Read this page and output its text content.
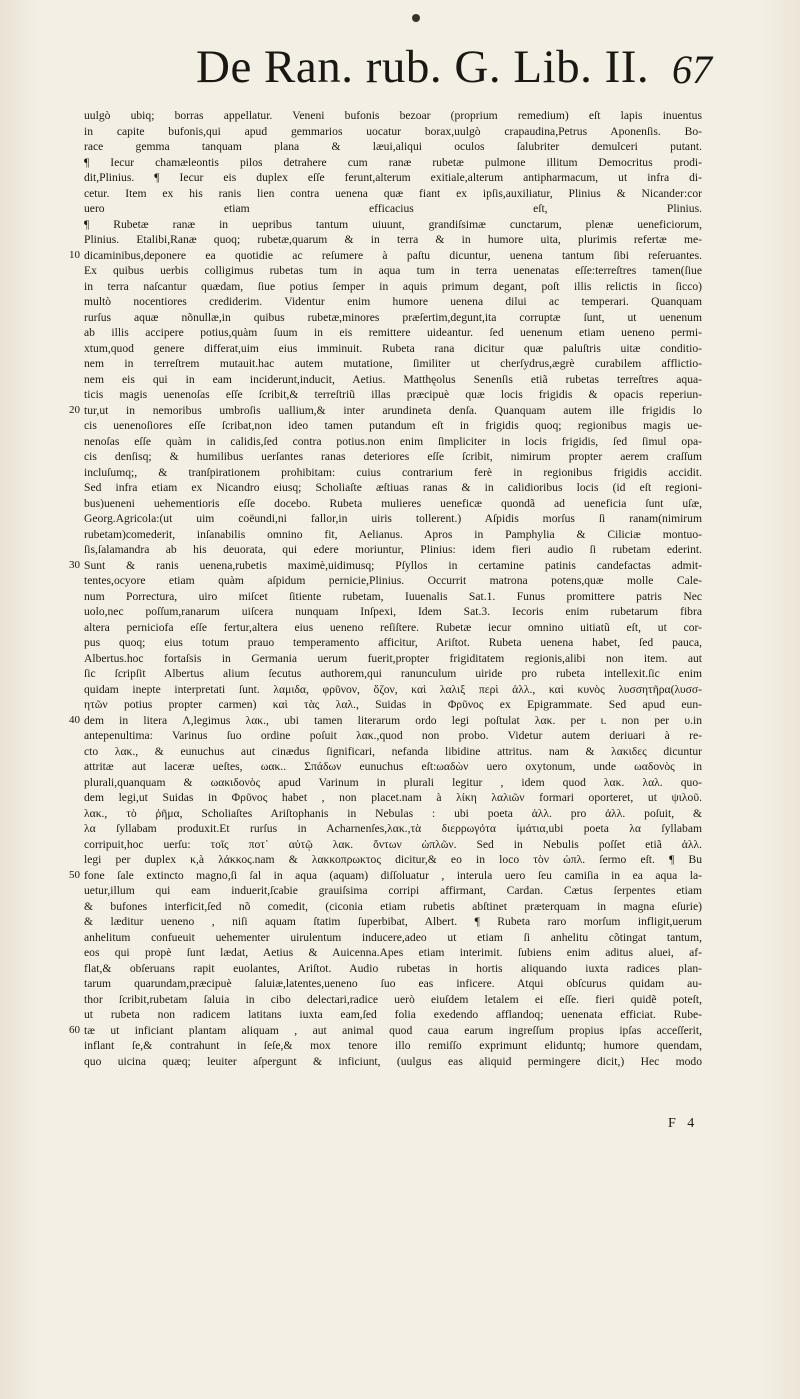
De Ran. rub. G. Lib. II. 67
10
20
30
40
50
60
uulgò ubiq; borras appellatur. Veneni bufonis bezoar (proprium remedium) eſt lapis inuentus
in capite bufonis,qui apud gemmarios uocatur borax,uulgò crapaudina,Petrus Aponenſis. Bo-
race gemma tanquam plana & læui,aliqui oculos ſalubriter demulceri putant.
¶ Iecur chamæleontis pilos detrahere cum ranæ rubetæ pulmone illitum Democritus prodi-
dit,Plinius. ¶ Iecur eis duplex eſſe ferunt,alterum exitiale,alterum antipharmacum, ut infra di-
cetur. Item ex his ranis lien contra uenena quæ fiant ex ipſis,auxiliatur, Plinius & Nicander:cor
uero etiam efficacius eſt, Plinius.
¶ Rubetæ ranæ in uepribus tantum uiuunt, grandiſsimæ cunctarum, plenæ ueneficiorum,
Plinius. Etalibi,Ranæ quoq; rubetæ,quarum & in terra & in humore uita, plurimis refertæ me-
dicaminibus,deponere ea quotidie ac reſumere à paſtu dicuntur, uenena tantum ſibi reſeruantes.
Ex quibus uerbis colligimus rubetas tum in aqua tum in terra uenenatas eſſe:terreſtres tamen(ſiue
in terra naſcantur quædam, ſiue potius ſemper in aquis primum degant, poſt illis relictis in ſicco)
multò nocentiores crediderim. Videntur enim humore uenena dilui ac temperari. Quanquam
rurſus aquæ nõnullæ,in quibus rubetæ,minores præſertim,degunt,ita corruptæ ſunt, ut uenenum
ab illis accipere potius,quàm ſuum in eis remittere uideantur. ſed uenenum etiam ueneno permi-
xtum,quod genere differat,uim eius imminuit. Rubeta rana dicitur quæ paluſtris uitæ conditio-
nem in terreſtrem mutauit.hac autem mutatione, ſimiliter ut cherſydrus,ægrè curabilem afflictio-
nem eis qui in eam inciderunt,inducit, Aetius. Matthęolus Senenſis etiã rubetas terreſtres aqua-
ticis magis uenenoſas eſſe ſcribit,& terreſtriũ illas præcipuè quæ locis frigidis & opacis reperiun-
tur,ut in nemoribus umbroſis uallium,& inter arundineta denſa. Quanquam autem ille frigidis lo
cis uenenoſiores eſſe ſcribat,non ideo tamen putandum eſt in frigidis quoq; regionibus magis ue-
nenoſas eſſe quàm in calidis,ſed contra potius.non enim ſimpliciter in locis frigidis, ſed ſimul opa-
cis denſisq; & humilibus uerſantes ranas deteriores eſſe ſcribit, nimirum propter aerem craſſum
incluſumq;, & tranſpirationem prohibitam: cuius contrarium ferè in regionibus frigidis accidit.
Sed infra etiam ex Nicandro eiusq; Scholiaſte æſtiuas ranas & in calidioribus locis (id eſt regioni-
bus)ueneni uehementioris eſſe docebo. Rubeta mulieres ueneficæ quondã ad ueneficia ſunt uſæ,
Georg.Agricola:(ut uim coëundi,ni fallor,in uiris tollerent.) Aſpidis morſus ſi ranam(nimirum
rubetam)comederit, inſanabilis omnino fit, Aelianus. Apros in Pamphylia & Ciliciæ montuo-
ſis,ſalamandra ab his deuorata, qui edere moriuntur, Plinius: idem fieri audio ſi rubetam ederint.
Sunt & ranis uenena,rubetis maximè,uidimusq; Pſyllos in certamine patinis candefactas admit-
tentes,ocyore etiam quàm aſpidum pernicie,Plinius. Occurrit matrona potens,quæ molle Cale-
num Porrectura, uiro miſcet ſitiente rubetam, Iuuenalis Sat.1. Funus promittere patris Nec
uolo,nec poſſum,ranarum uiſcera nunquam Inſpexi, Idem Sat.3. Iecoris enim rubetarum fibra
altera perniciofa eſſe fertur,altera eius ueneno reſiſtere. Rubetæ iecur omnino uitiatũ eſt, ut cor-
pus quoq; eius totum prauo temperamento afficitur, Ariſtot. Rubeta uenena habet, ſed pauca,
Albertus.hoc fortaſsis in Germania uerum fuerit,propter frigiditatem regionis,alibi non item. aut
ſic ſcripſit Albertus alium ſecutus authorem,qui ranunculum uiride pro rubeta intellexit.ſic enim
quidam inepte interpretati ſunt. λαμιδα, φρῦνον, ὄζον, καὶ λαλιξ περὶ ἀλλ., καὶ κυνὸς λυσσητῆρα(λυσσ-
ητῶν potius propter carmen) καὶ τὰς λαλ., Suidas in Φρῦνος ex Epigrammate. Sed apud eun-
dem in litera Λ,legimus λακ., ubi tamen literarum ordo legi poſtulat λακ. per ι. non per υ.in
antepenultima: Varinus ſuo ordine poſuit λακ.,quod non probo. Videtur autem deriuari à re-
cto λακ., & eunuchus aut cinædus ſignificari, nefanda libidine attritus. nam & λακιδες dicuntur
attritæ aut laceræ ueſtes, ωακ.. Σπάδων eunuchus eſt:ωαδὼν uero oxytonum, unde ωαδονὸς in
plurali,quanquam & ωακιδονὸς apud Varinum in plurali legitur , idem quod λακ. λαλ. quo-
dem legi,ut Suidas in Φρῦνος habet , non placet.nam à λίκη λαλιῶν formari oporteret, ut ψιλοῦ.
λακ., τὸ ῥῆμα, Scholiaſtes Ariſtophanis in Nebulas : ubi poeta ἀλλ. pro ἀλλ. poſuit, &
λα ſyllabam produxit.Et rurſus in Acharnenſes,λακ.,τὰ διερρωγότα ἱμάτια,ubi poeta λα ſyllabam
corripuit,hoc uerſu: τοῖς ποτ᾽ αὐτῷ λακ. ὄντων ὡπλῶν. Sed in Nebulis poſſet etiã ἀλλ.
legi per duplex κ,à λάκκος.nam & λακκοπρωκτος dicitur,& eo in loco τὸν ὡπλ. ſermo eſt. ¶ Bu
fone ſale extincto magno,ſi ſal in aqua (aquam) diſſoluatur , interula uero ſeu camiſia in ea aqua la-
uetur,illum qui eam induerit,ſcabie grauiſsima corripi affirmant, Cardan. Cætus ſerpentes etiam
& bufones interficit,ſed nõ comedit, (ciconia etiam rubetis abſtinet præterquam in magna eſurie)
& læditur ueneno , niſi aquam ſtatim ſuperbibat, Albert. ¶ Rubeta raro morſum infligit,uerum
anhelitum confueuit uehementer uirulentum inducere,adeo ut etiam ſi anhelitu cõtingat tantum,
eos qui propè ſunt lædat, Aetius & Auicenna.Apes etiam interimit. ſubiens enim aditus aluei, af-
flat,& obſeruans rapit euolantes, Ariſtot. Audio rubetas in hortis aliquando iuxta radices plan-
tarum quarundam,præcipuè ſaluiæ,latentes,ueneno ſuo eas inficere. Atqui obſcurus quidam au-
thor ſcribit,rubetam ſaluia in cibo delectari,radice uerò eiuſdem letalem ei eſſe. fieri quidẽ poteſt,
ut rubeta non radicem latitans iuxta eam,ſed folia exedendo afflandoq; uenenata efficiat. Rube-
tæ ut inficiant plantam aliquam , aut animal quod caua earum ingreſſum propius ipſas acceſſerit,
inflant ſe,& contrahunt in ſeſe,& mox tenore illo remiſſo exprimunt eliduntq; humore quendam,
quo uicina quæq; leuiter aſpergunt & inficiunt, (uulgus eas aliquid permingere dicit,) Hec modo
F 4
